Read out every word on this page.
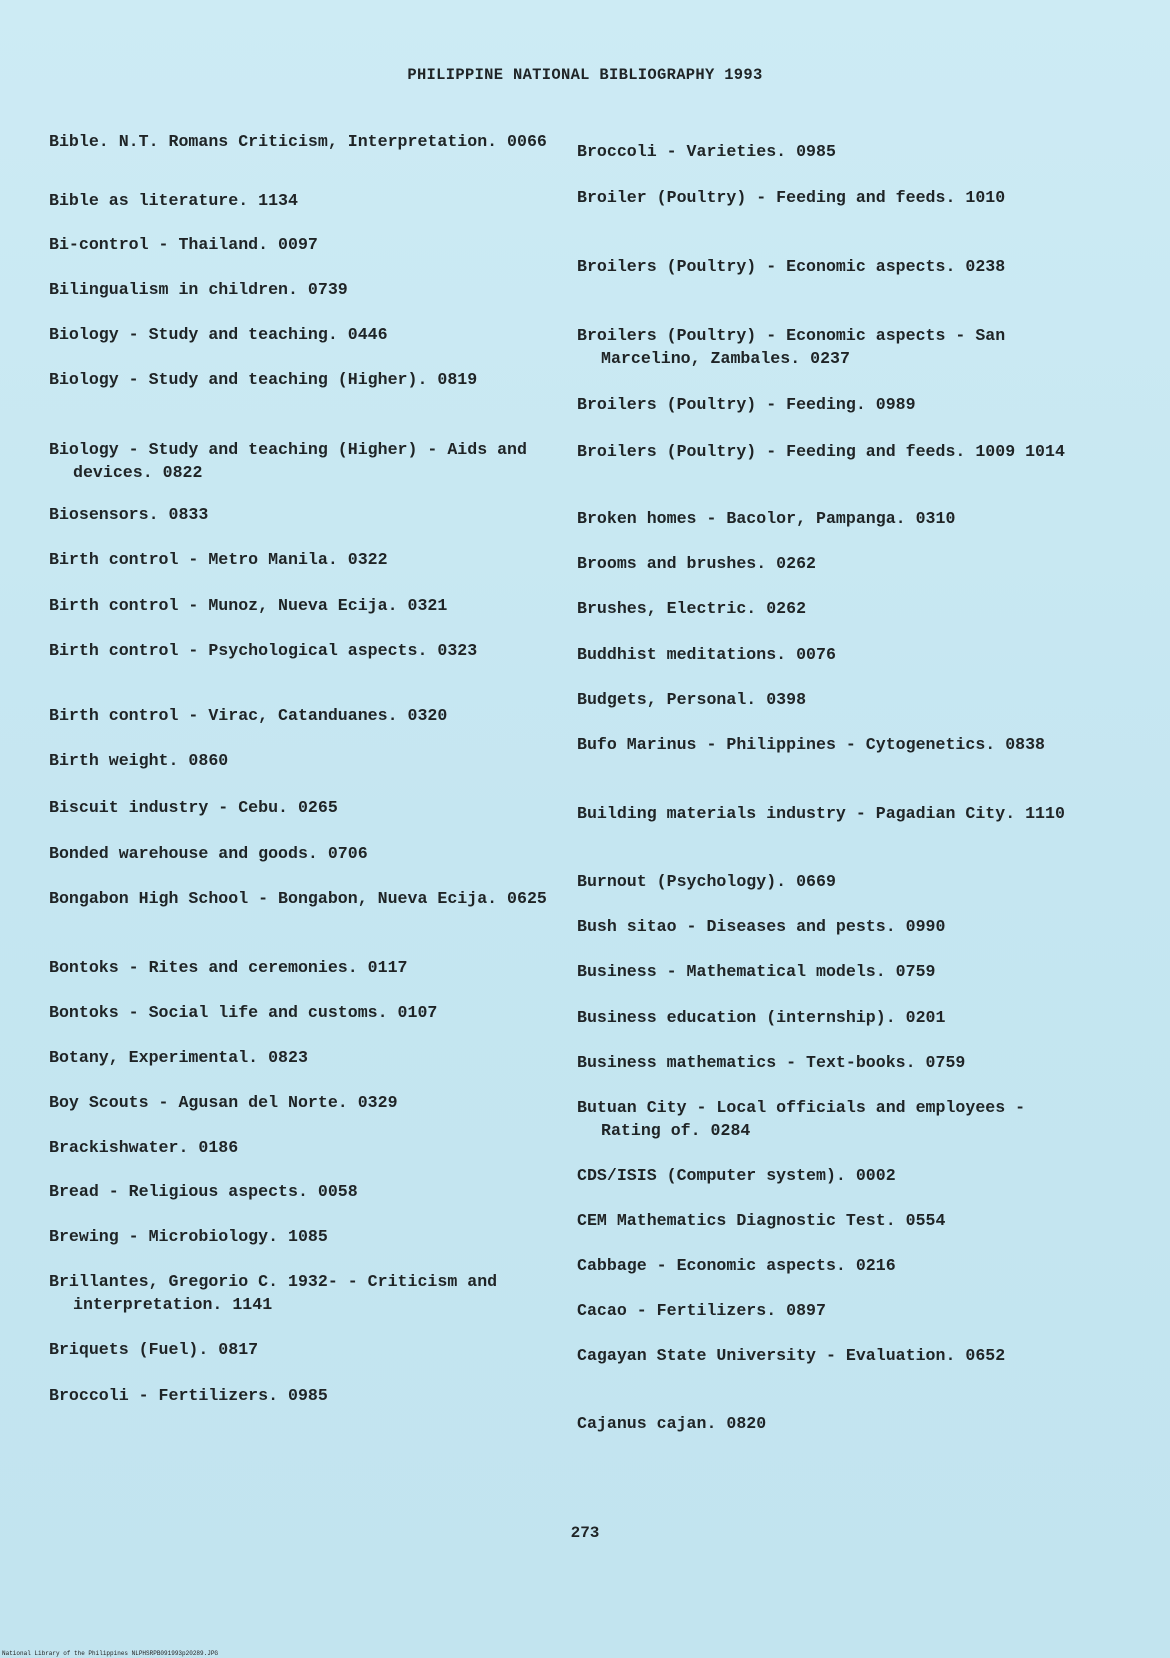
PHILIPPINE NATIONAL BIBLIOGRAPHY 1993
Bible. N.T. Romans Criticism, Interpretation. 0066
Bible as literature. 1134
Bi-control - Thailand. 0097
Bilingualism in children. 0739
Biology - Study and teaching. 0446
Biology - Study and teaching (Higher). 0819
Biology - Study and teaching (Higher) - Aids and devices. 0822
Biosensors. 0833
Birth control - Metro Manila. 0322
Birth control - Munoz, Nueva Ecija. 0321
Birth control - Psychological aspects. 0323
Birth control - Virac, Catanduanes. 0320
Birth weight. 0860
Biscuit industry - Cebu. 0265
Bonded warehouse and goods. 0706
Bongabon High School - Bongabon, Nueva Ecija. 0625
Bontoks - Rites and ceremonies. 0117
Bontoks - Social life and customs. 0107
Botany, Experimental. 0823
Boy Scouts - Agusan del Norte. 0329
Brackishwater. 0186
Bread - Religious aspects. 0058
Brewing - Microbiology. 1085
Brillantes, Gregorio C. 1932- - Criticism and interpretation. 1141
Briquets (Fuel). 0817
Broccoli - Fertilizers. 0985
Broccoli - Varieties. 0985
Broiler (Poultry) - Feeding and feeds. 1010
Broilers (Poultry) - Economic aspects. 0238
Broilers (Poultry) - Economic aspects - San Marcelino, Zambales. 0237
Broilers (Poultry) - Feeding. 0989
Broilers (Poultry) - Feeding and feeds. 1009 1014
Broken homes - Bacolor, Pampanga. 0310
Brooms and brushes. 0262
Brushes, Electric. 0262
Buddhist meditations. 0076
Budgets, Personal. 0398
Bufo Marinus - Philippines - Cytogenetics. 0838
Building materials industry - Pagadian City. 1110
Burnout (Psychology). 0669
Bush sitao - Diseases and pests. 0990
Business - Mathematical models. 0759
Business education (internship). 0201
Business mathematics - Text-books. 0759
Butuan City - Local officials and employees - Rating of. 0284
CDS/ISIS (Computer system). 0002
CEM Mathematics Diagnostic Test. 0554
Cabbage - Economic aspects. 0216
Cacao - Fertilizers. 0897
Cagayan State University - Evaluation. 0652
Cajanus cajan. 0820
273
National Library of the Philippines NLPHSRPB091993p20289.JPG
